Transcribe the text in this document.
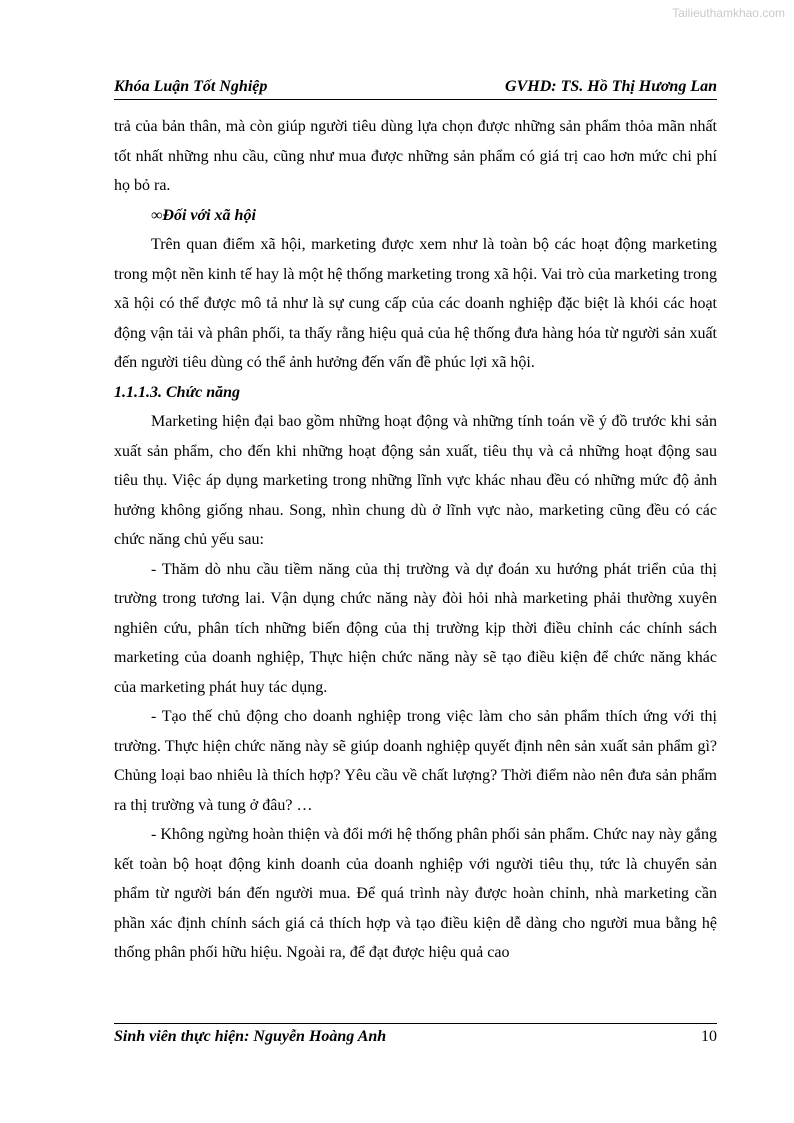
Tailieuthamkhao.com
Khóa Luận Tốt Nghiệp	GVHD: TS. Hồ Thị Hương Lan

trả của bản thân, mà còn giúp người tiêu dùng lựa chọn được những sản phẩm thỏa mãn nhất tốt nhất những nhu cầu, cũng như mua được những sản phẩm có giá trị cao hơn mức chi phí họ bỏ ra.

∞Đối với xã hội

Trên quan điểm xã hội, marketing được xem như là toàn bộ các hoạt động marketing trong một nền kinh tế hay là một hệ thống marketing trong xã hội. Vai trò của marketing trong xã hội có thể được mô tả như là sự cung cấp của các doanh nghiệp đặc biệt là khói các hoạt động vận tải và phân phối, ta thấy rằng hiệu quả của hệ thống đưa hàng hóa từ người sản xuất đến người tiêu dùng có thể ảnh hưởng đến vấn đề phúc lợi xã hội.

1.1.1.3. Chức năng

Marketing hiện đại bao gồm những hoạt động và những tính toán về ý đồ trước khi sản xuất sản phẩm, cho đến khi những hoạt động sản xuất, tiêu thụ và cả những hoạt động sau tiêu thụ. Việc áp dụng marketing trong những lĩnh vực khác nhau đều có những mức độ ảnh hưởng không giống nhau. Song, nhìn chung dù ở lĩnh vực nào, marketing cũng đều có các chức năng chủ yếu sau:

- Thăm dò nhu cầu tiềm năng của thị trường và dự đoán xu hướng phát triển của thị trường trong tương lai. Vận dụng chức năng này đòi hỏi nhà marketing phải thường xuyên nghiên cứu, phân tích những biến động của thị trường kịp thời điều chỉnh các chính sách marketing của doanh nghiệp, Thực hiện chức năng này sẽ tạo điều kiện để chức năng khác của marketing phát huy tác dụng.

- Tạo thế chủ động cho doanh nghiệp trong việc làm cho sản phẩm thích ứng với thị trường. Thực hiện chức năng này sẽ giúp doanh nghiệp quyết định nên sản xuất sản phẩm gì? Chủng loại bao nhiêu là thích hợp? Yêu cầu về chất lượng? Thời điểm nào nên đưa sản phẩm ra thị trường và tung ở đâu? …

- Không ngừng hoàn thiện và đổi mới hệ thống phân phối sản phẩm. Chức nay này gắng kết toàn bộ hoạt động kinh doanh của doanh nghiệp với người tiêu thụ, tức là chuyển sản phẩm từ người bán đến người mua. Để quá trình này được hoàn chỉnh, nhà marketing cần phần xác định chính sách giá cả thích hợp và tạo điều kiện dễ dàng cho người mua bằng hệ thống phân phối hữu hiệu. Ngoài ra, để đạt được hiệu quả cao

Sinh viên thực hiện: Nguyễn Hoàng Anh	10
